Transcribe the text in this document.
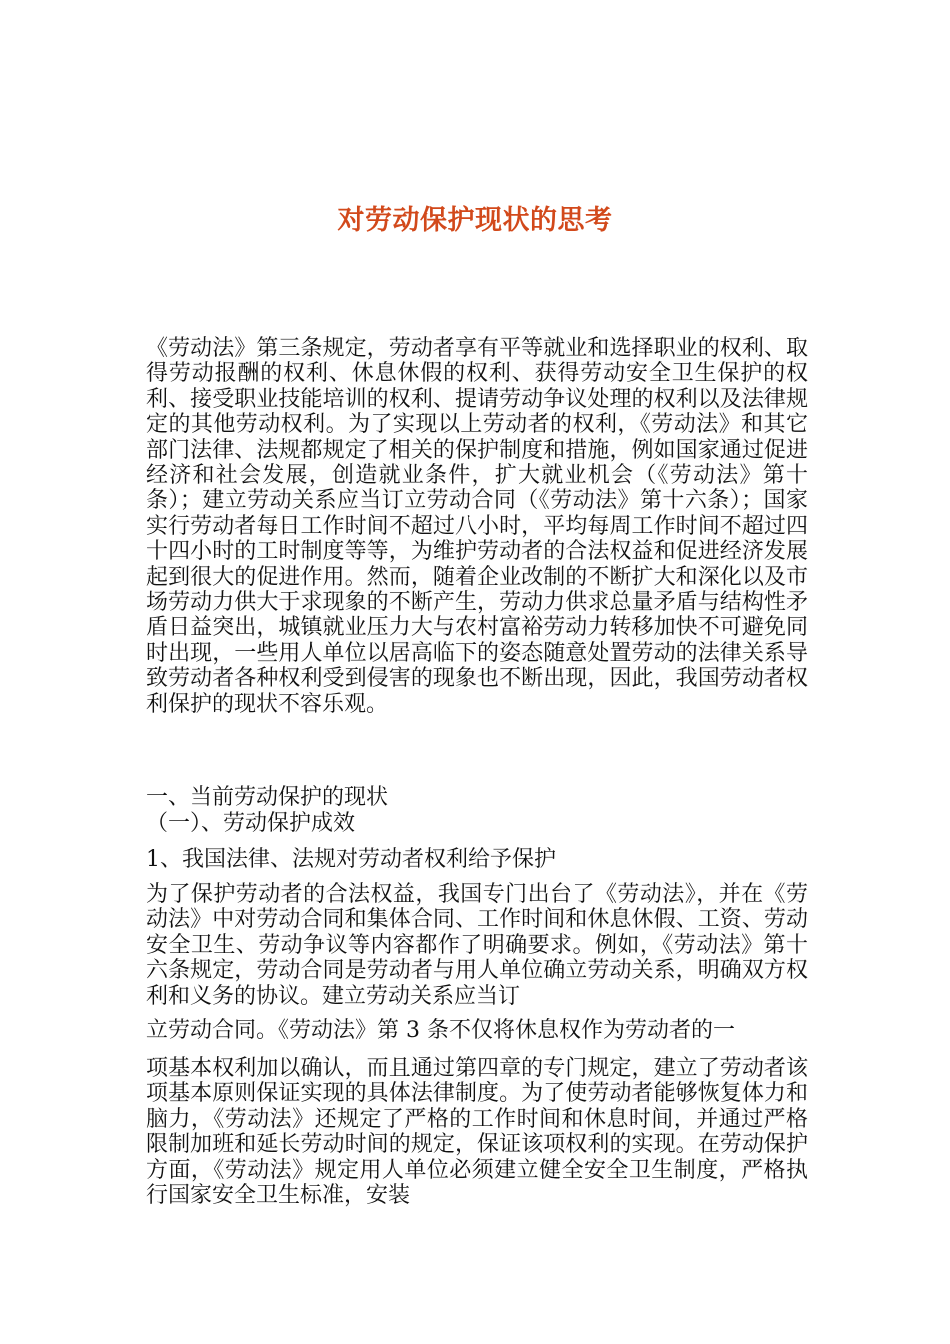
对劳动保护现状的思考
《劳动法》第三条规定，劳动者享有平等就业和选择职业的权利、取得劳动报酬的权利、休息休假的权利、获得劳动安全卫生保护的权利、接受职业技能培训的权利、提请劳动争议处理的权利以及法律规定的其他劳动权利。为了实现以上劳动者的权利，《劳动法》和其它部门法律、法规都规定了相关的保护制度和措施，例如国家通过促进经济和社会发展，创造就业条件，扩大就业机会（《劳动法》第十条）；建立劳动关系应当订立劳动合同（《劳动法》第十六条）；国家实行劳动者每日工作时间不超过八小时，平均每周工作时间不超过四十四小时的工时制度等等，为维护劳动者的合法权益和促进经济发展起到很大的促进作用。然而，随着企业改制的不断扩大和深化以及市场劳动力供大于求现象的不断产生，劳动力供求总量矛盾与结构性矛盾日益突出，城镇就业压力大与农村富裕劳动力转移加快不可避免同时出现，一些用人单位以居高临下的姿态随意处置劳动的法律关系导致劳动者各种权利受到侵害的现象也不断出现，因此，我国劳动者权利保护的现状不容乐观。
一、当前劳动保护的现状
（一）、劳动保护成效
1、我国法律、法规对劳动者权利给予保护
为了保护劳动者的合法权益，我国专门出台了《劳动法》，并在《劳动法》中对劳动合同和集体合同、工作时间和休息休假、工资、劳动安全卫生、劳动争议等内容都作了明确要求。例如，《劳动法》第十六条规定，劳动合同是劳动者与用人单位确立劳动关系，明确双方权利和义务的协议。建立劳动关系应当订
立劳动合同。《劳动法》第 3 条不仅将休息权作为劳动者的一
项基本权利加以确认，而且通过第四章的专门规定，建立了劳动者该项基本原则保证实现的具体法律制度。为了使劳动者能够恢复体力和脑力，《劳动法》还规定了严格的工作时间和休息时间，并通过严格限制加班和延长劳动时间的规定，保证该项权利的实现。在劳动保护方面，《劳动法》规定用人单位必须建立健全安全卫生制度，严格执行国家安全卫生标准，安装
